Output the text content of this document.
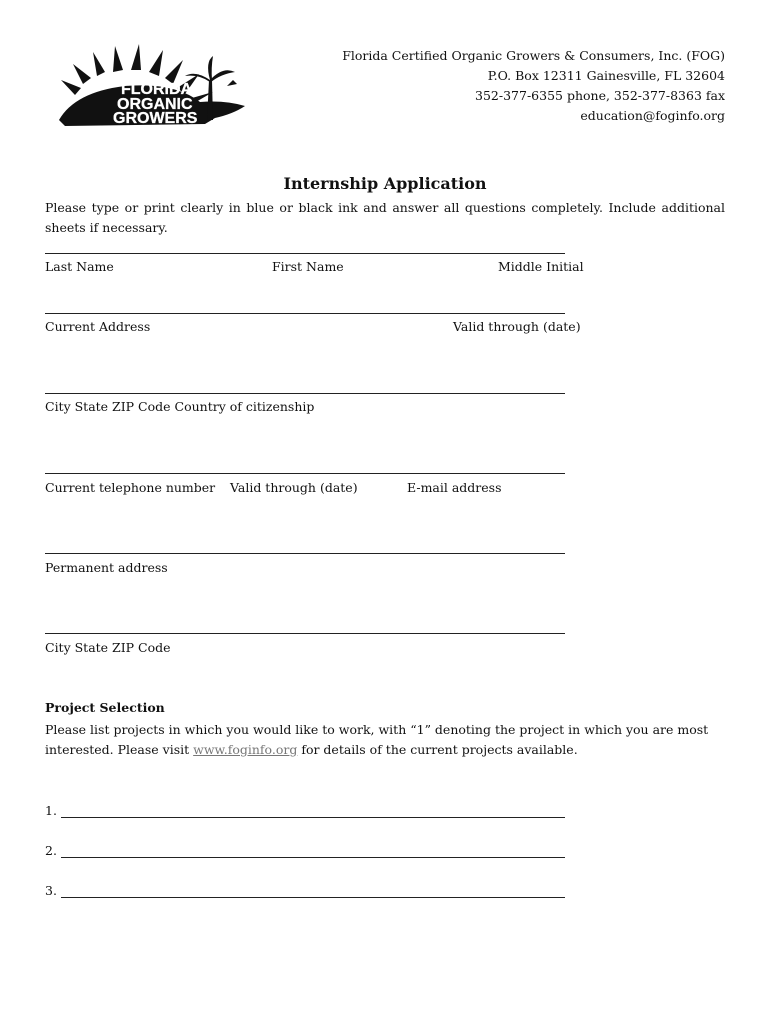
FLORIDA
ORGANIC
GROWERS
Florida Certified Organic Growers & Consumers, Inc. (FOG)
P.O. Box 12311 Gainesville, FL 32604
352-377-6355 phone, 352-377-8363 fax
education@foginfo.org
Internship Application
Please type or print clearly in blue or black ink and answer all questions completely. Include additional sheets if necessary.
Last Name	First Name	Middle Initial
Current Address	Valid through (date)
City State ZIP Code Country of citizenship
Current telephone number Valid through (date)	E-mail address
Permanent address
City State ZIP Code
Project Selection
Please list projects in which you would like to work, with “1” denoting the project in which you are most interested. Please visit www.foginfo.org for details of the current projects available.
1.
2.
3.
